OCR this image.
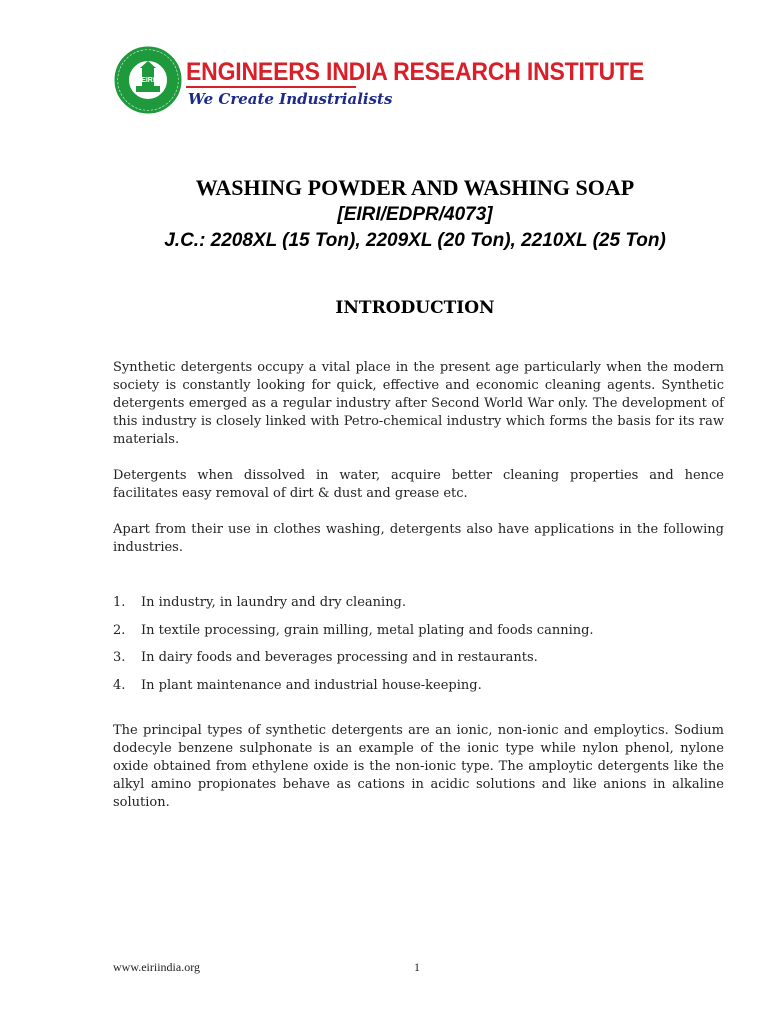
EIRI ENGINEERS INDIA RESEARCH INSTITUTE
We Create Industrialists
WASHING POWDER AND WASHING SOAP
[EIRI/EDPR/4073]
J.C.: 2208XL (15 Ton), 2209XL (20 Ton), 2210XL (25 Ton)
INTRODUCTION
Synthetic detergents occupy a vital place in the present age particularly when the modern society is constantly looking for quick, effective and economic cleaning agents. Synthetic detergents emerged as a regular industry after Second World War only. The development of this industry is closely linked with Petro-chemical industry which forms the basis for its raw materials.
Detergents when dissolved in water, acquire better cleaning properties and hence facilitates easy removal of dirt & dust and grease etc.
Apart from their use in clothes washing, detergents also have applications in the following industries.
1. In industry, in laundry and dry cleaning.
2. In textile processing, grain milling, metal plating and foods canning.
3. In dairy foods and beverages processing and in restaurants.
4. In plant maintenance and industrial house-keeping.
The principal types of synthetic detergents are an ionic, non-ionic and employtics. Sodium dodecyle benzene sulphonate is an example of the ionic type while nylon phenol, nylone oxide obtained from ethylene oxide is the non-ionic type. The amploytic detergents like the alkyl amino propionates behave as cations in acidic solutions and like anions in alkaline solution.
www.eiriindia.org	1
